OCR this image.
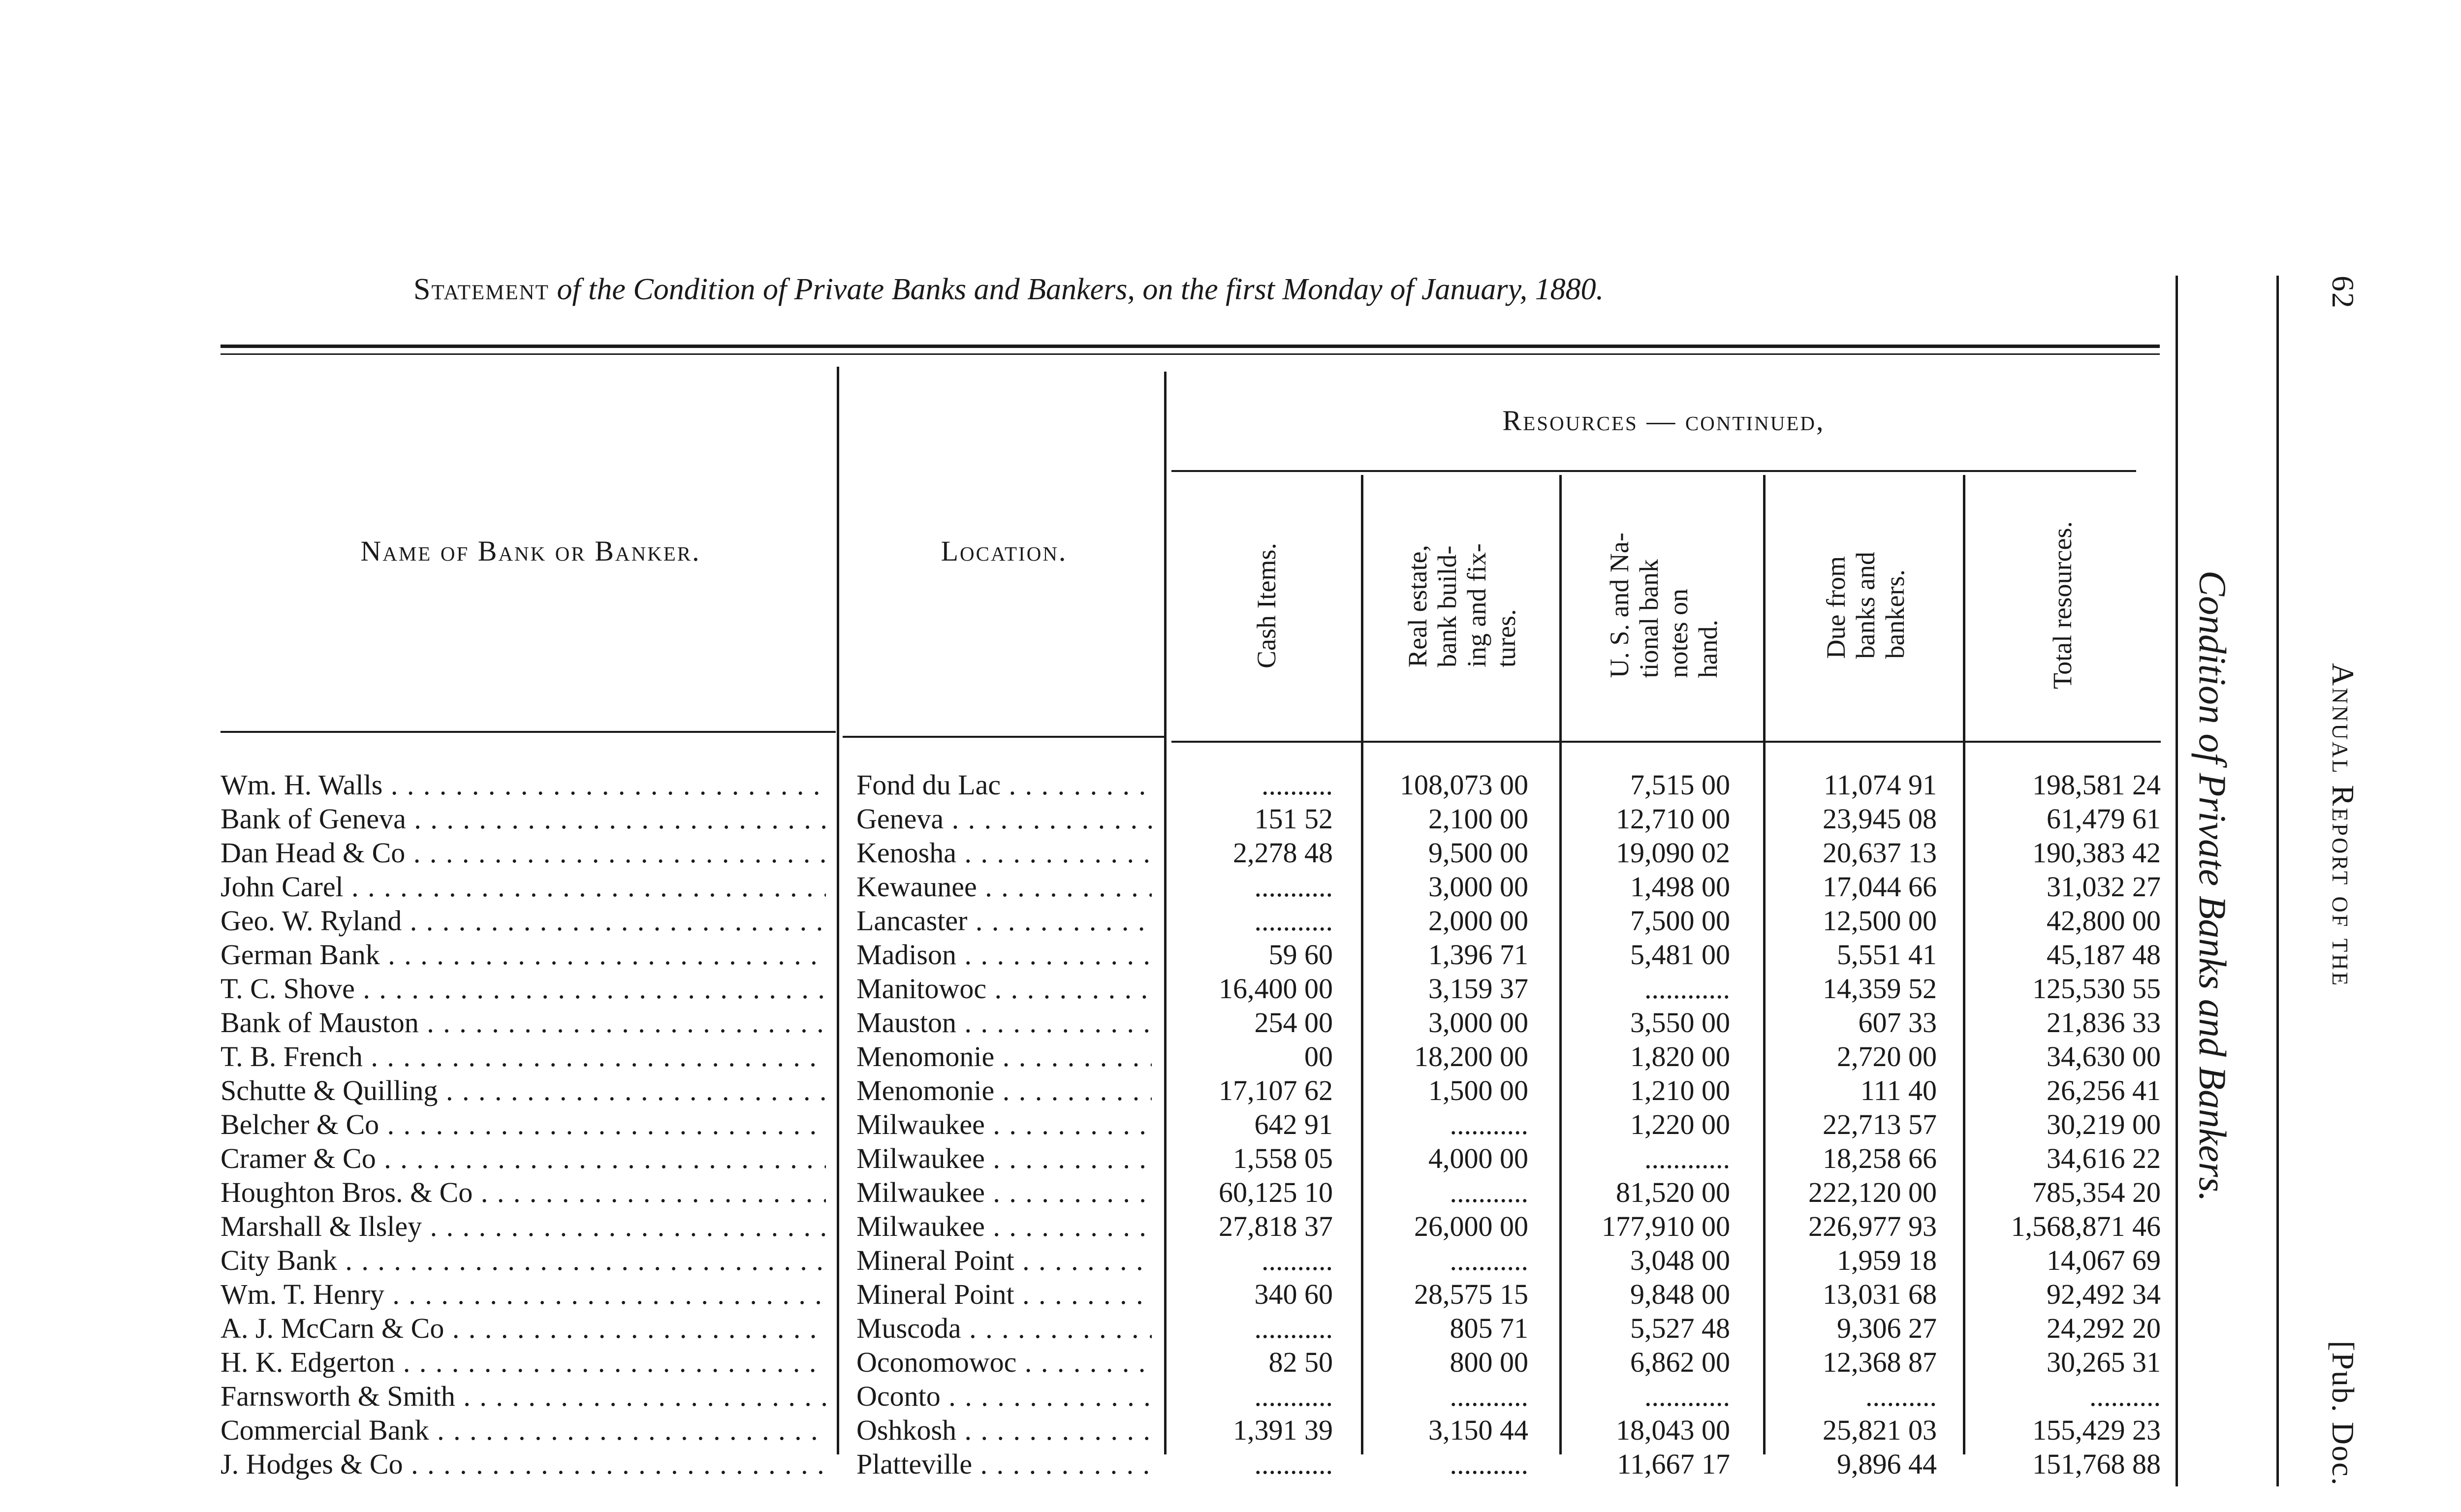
Statement of the Condition of Private Banks and Bankers, on the first Monday of January, 1880.
Name of Bank or Banker.	Location.
Resources — continued,
Cash Items.	Real estate,
bank build-
ing and fix-
tures.	U. S. and Na-
tional bank
notes on
hand.	Due from
banks and
bankers.	Total resources.
Wm. H. Walls . . .	Fond du Lac . . .	..........	108,073 00	7,515 00	11,074 91	198,581 24
Bank of Geneva . . .	Geneva . . .	151 52	2,100 00	12,710 00	23,945 08	61,479 61
Dan Head & Co . . .	Kenosha . . .	2,278 48	9,500 00	19,090 02	20,637 13	190,383 42
John Carel . . .	Kewaunee . . .	...........	3,000 00	1,498 00	17,044 66	31,032 27
Geo. W. Ryland . . .	Lancaster . . .	...........	2,000 00	7,500 00	12,500 00	42,800 00
German Bank . . .	Madison . . .	59 60	1,396 71	5,481 00	5,551 41	45,187 48
T. C. Shove . . .	Manitowoc . . .	16,400 00	3,159 37	............	14,359 52	125,530 55
Bank of Mauston . . .	Mauston . . .	254 00	3,000 00	3,550 00	607 33	21,836 33
T. B. French . . .	Menomonie . . .	00	18,200 00	1,820 00	2,720 00	34,630 00
Schutte & Quilling . . .	Menomonie . . .	17,107 62	1,500 00	1,210 00	111 40	26,256 41
Belcher & Co . . .	Milwaukee . . .	642 91	...........	1,220 00	22,713 57	30,219 00
Cramer & Co . . .	Milwaukee . . .	1,558 05	4,000 00	............	18,258 66	34,616 22
Houghton Bros. & Co . . .	Milwaukee . . .	60,125 10	...........	81,520 00	222,120 00	785,354 20
Marshall & Ilsley . . .	Milwaukee . . .	27,818 37	26,000 00	177,910 00	226,977 93	1,568,871 46
City Bank . . .	Mineral Point . . .	..........	...........	3,048 00	1,959 18	14,067 69
Wm. T. Henry . . .	Mineral Point . . .	340 60	28,575 15	9,848 00	13,031 68	92,492 34
A. J. McCarn & Co . . .	Muscoda . . .	...........	805 71	5,527 48	9,306 27	24,292 20
H. K. Edgerton . . .	Oconomowoc . . .	82 50	800 00	6,862 00	12,368 87	30,265 31
Farnsworth & Smith . . .	Oconto . . .	...........	...........	............	..........	..........
Commercial Bank . . .	Oshkosh . . .	1,391 39	3,150 44	18,043 00	25,821 03	155,429 23
J. Hodges & Co . . .	Platteville . . .	...........	...........	11,667 17	9,896 44	151,768 88
Condition of Private Banks and Bankers.
62
Annual Report of the
[Pub. Doc.
